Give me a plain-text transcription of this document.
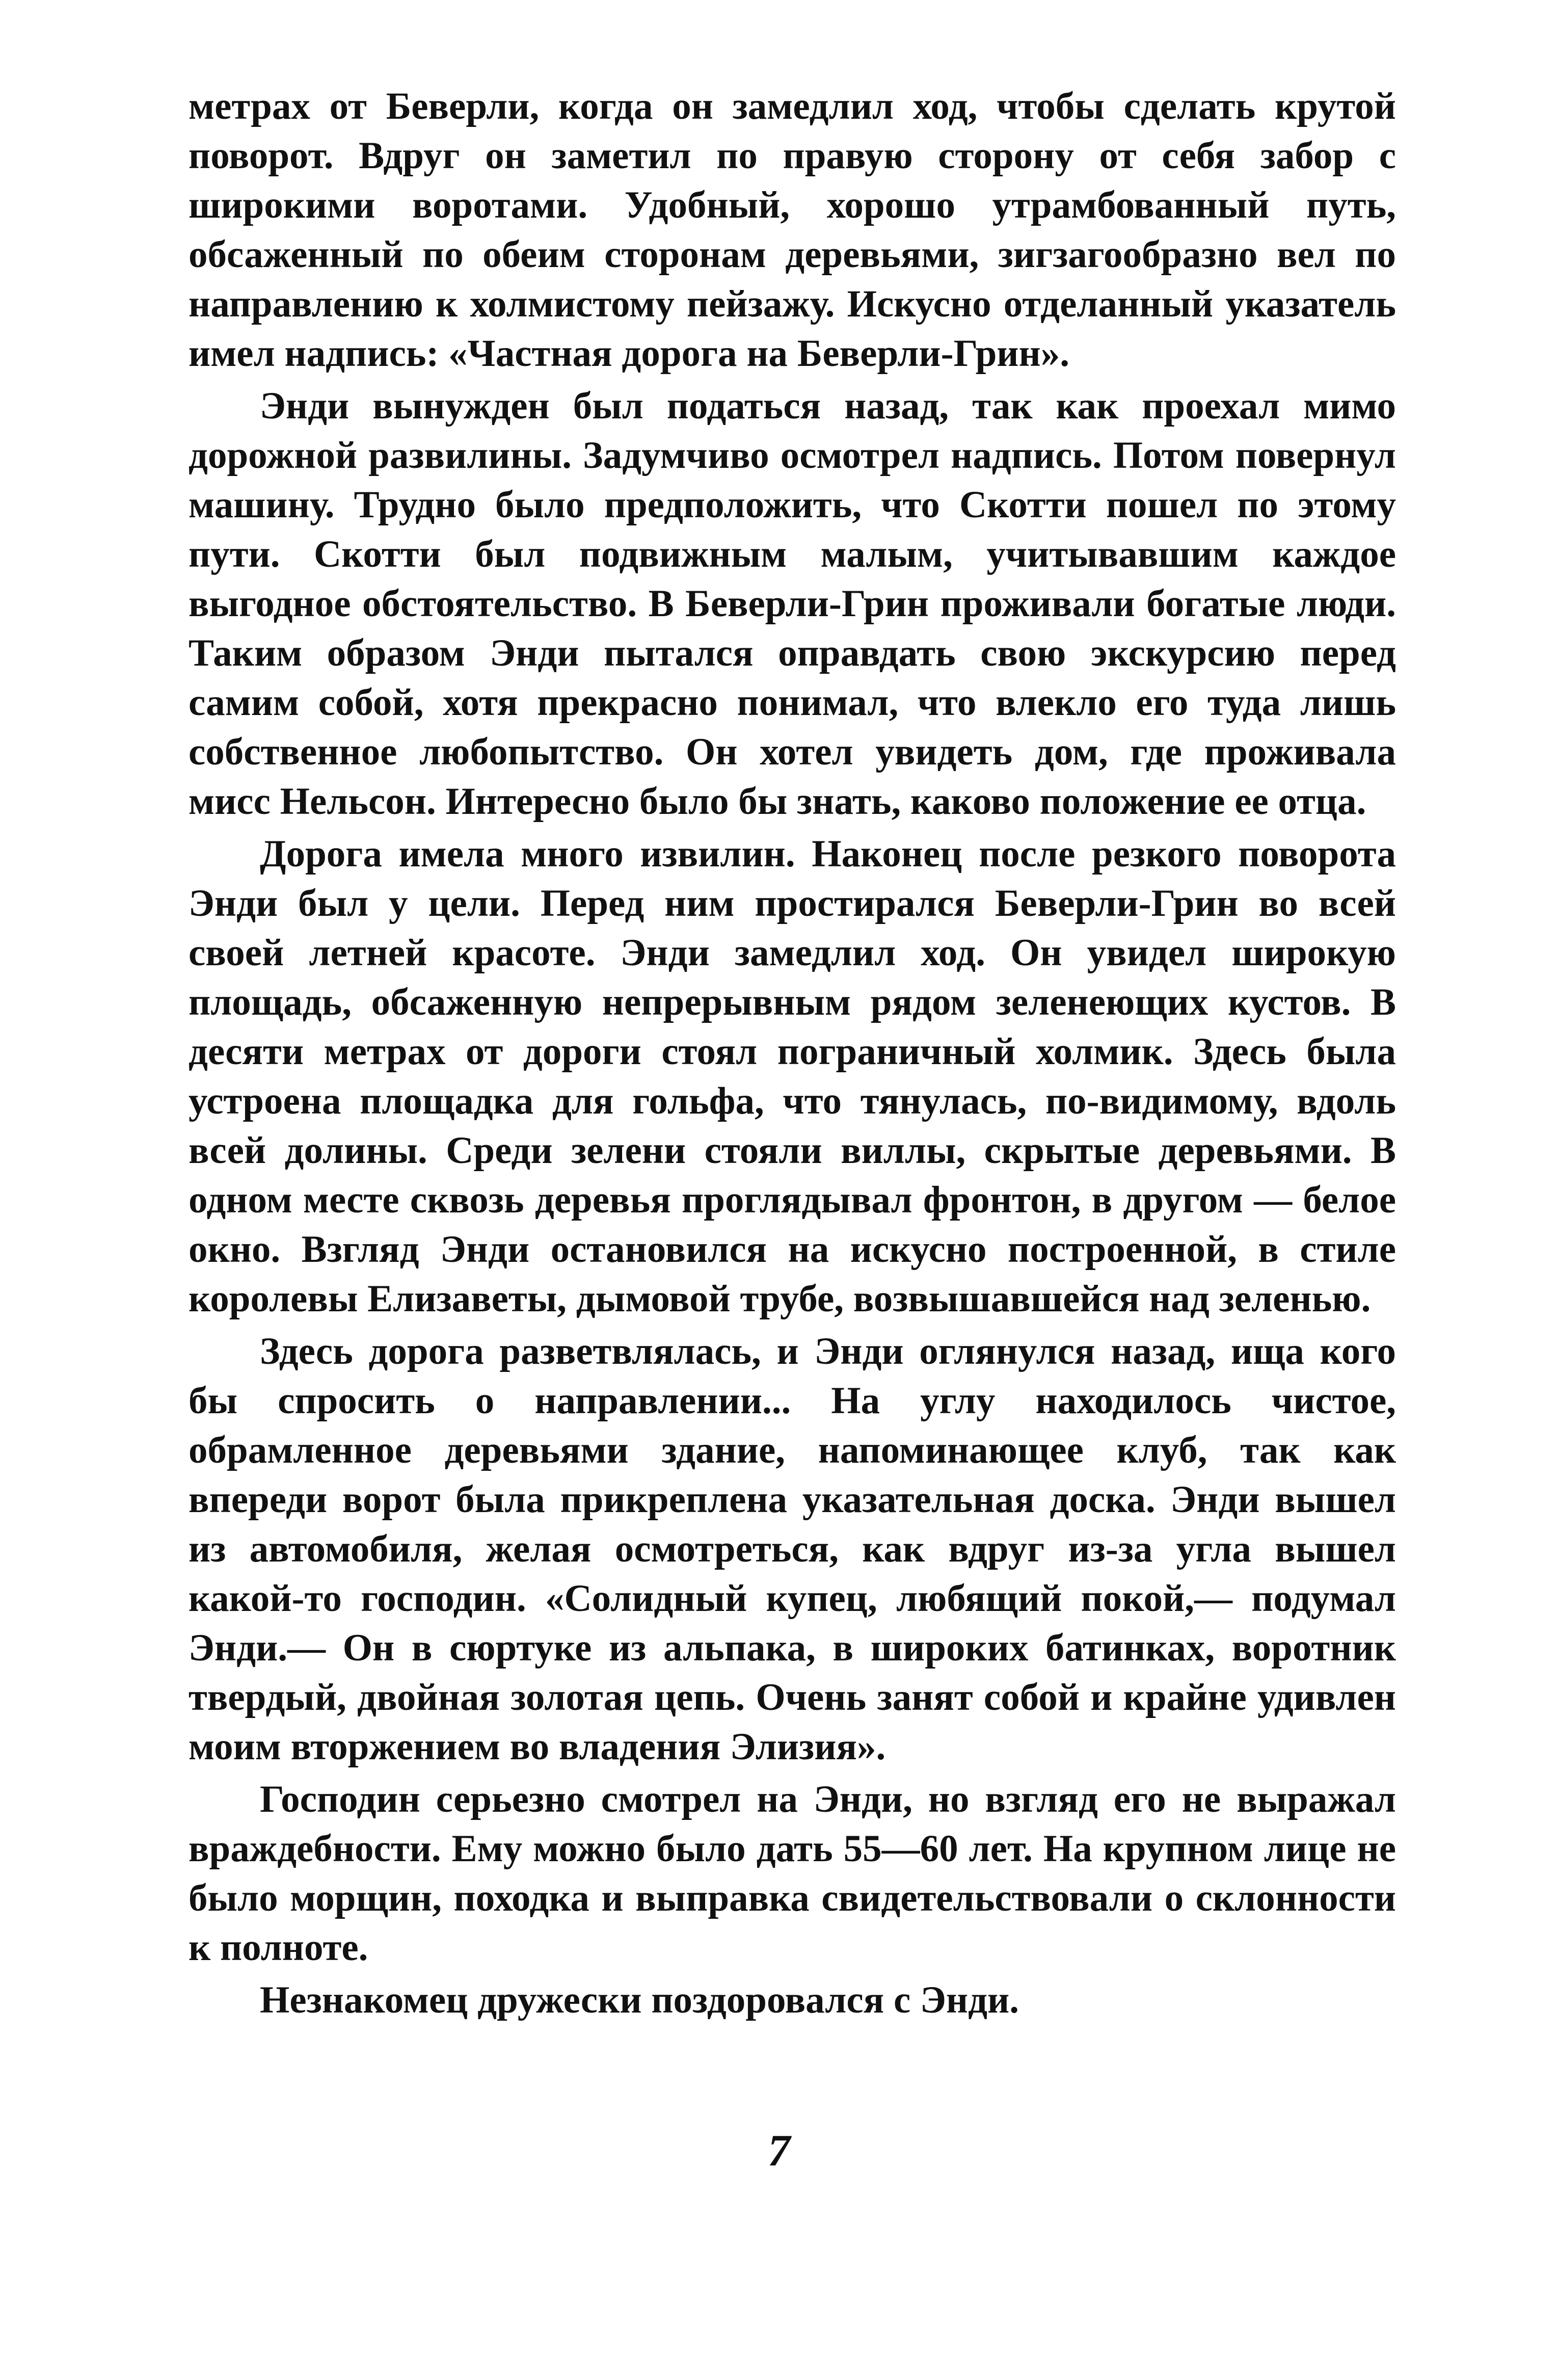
метрах от Беверли, когда он замедлил ход, чтобы сделать крутой поворот. Вдруг он заметил по правую сторону от себя забор с широкими воротами. Удобный, хорошо утрамбованный путь, обсаженный по обеим сторонам деревьями, зигзагообразно вел по направлению к холмистому пейзажу. Искусно отделанный указатель имел надпись: «Частная дорога на Беверли-Грин».

Энди вынужден был податься назад, так как проехал мимо дорожной развилины. Задумчиво осмотрел надпись. Потом повернул машину. Трудно было предположить, что Скотти пошел по этому пути. Скотти был подвижным малым, учитывавшим каждое выгодное обстоятельство. В Беверли-Грин проживали богатые люди. Таким образом Энди пытался оправдать свою экскурсию перед самим собой, хотя прекрасно понимал, что влекло его туда лишь собственное любопытство. Он хотел увидеть дом, где проживала мисс Нельсон. Интересно было бы знать, каково положение ее отца.

Дорога имела много извилин. Наконец после резкого поворота Энди был у цели. Перед ним простирался Беверли-Грин во всей своей летней красоте. Энди замедлил ход. Он увидел широкую площадь, обсаженную непрерывным рядом зеленеющих кустов. В десяти метрах от дороги стоял пограничный холмик. Здесь была устроена площадка для гольфа, что тянулась, по-видимому, вдоль всей долины. Среди зелени стояли виллы, скрытые деревьями. В одном месте сквозь деревья проглядывал фронтон, в другом — белое окно. Взгляд Энди остановился на искусно построенной, в стиле королевы Елизаветы, дымовой трубе, возвышавшейся над зеленью.

Здесь дорога разветвлялась, и Энди оглянулся назад, ища кого бы спросить о направлении... На углу находилось чистое, обрамленное деревьями здание, напоминающее клуб, так как впереди ворот была прикреплена указательная доска. Энди вышел из автомобиля, желая осмотреться, как вдруг из-за угла вышел какой-то господин. «Солидный купец, любящий покой,— подумал Энди.— Он в сюртуке из альпака, в широких батинках, воротник твердый, двойная золотая цепь. Очень занят собой и крайне удивлен моим вторжением во владения Элизия».

Господин серьезно смотрел на Энди, но взгляд его не выражал враждебности. Ему можно было дать 55—60 лет. На крупном лице не было морщин, походка и выправка свидетельствовали о склонности к полноте.

Незнакомец дружески поздоровался с Энди.

7
